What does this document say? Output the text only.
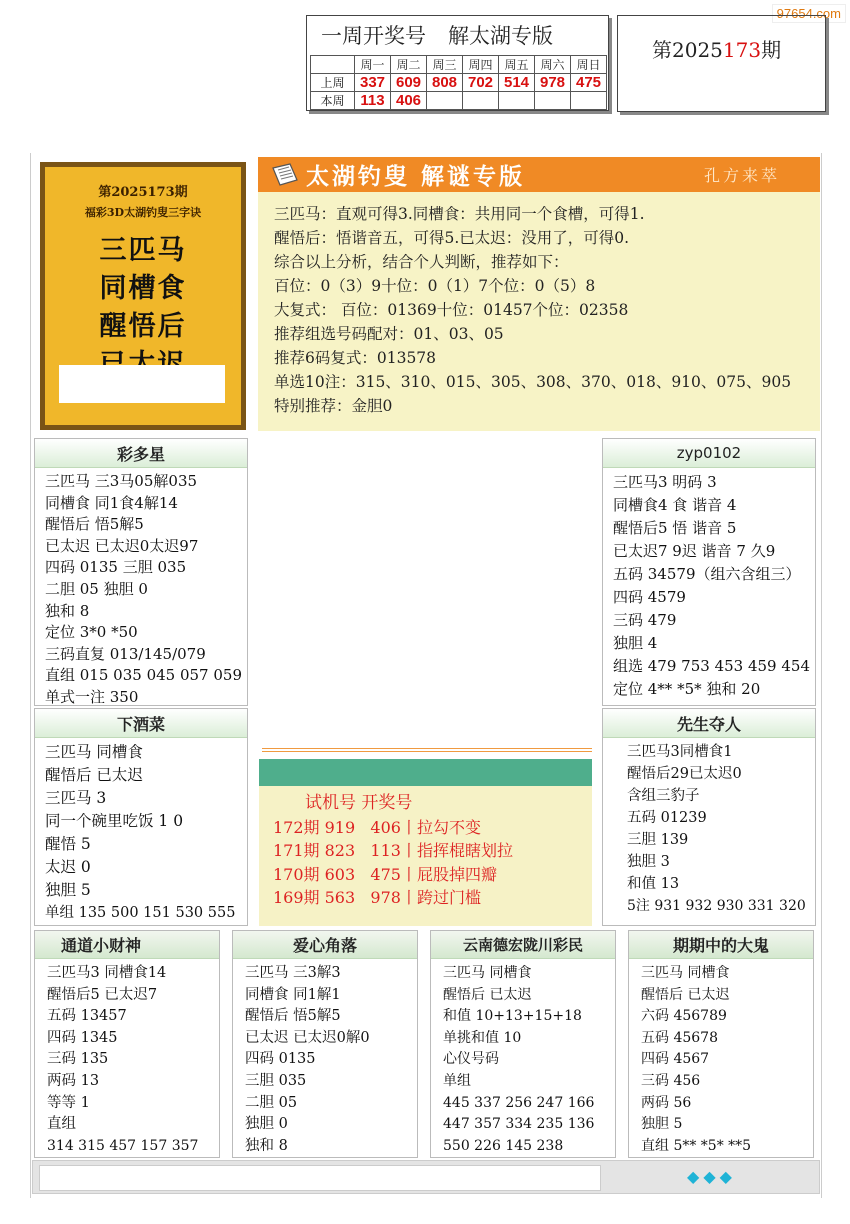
97654.com
一周开奖号 解太湖专版
	周一	周二	周三	周四	周五	周六	周日
上周	337	609	808	702	514	978	475
本周	113	406					
第2025173期
第2025173期
福彩3D太湖钓叟三字诀
三匹马
同槽食
醒悟后
太湖钓叟 解谜专版	孔方来萃
三匹马：直观可得3.同槽食：共用同一个食槽，可得1.
醒悟后：悟谐音五，可得5.已太迟：没用了，可得0.
综合以上分析，结合个人判断，推荐如下：
百位：0（3）9十位：0（1）7个位：0（5）8
大复式： 百位：01369十位：01457个位：02358
推荐组选号码配对：01、03、05
推荐6码复式：013578
单选10注：315、310、015、305、308、370、018、910、075、905
特别推荐：金胆0
彩多星
三匹马 三3马05解035
同槽食 同1食4解14
醒悟后 悟5解5
已太迟 已太迟0太迟97
四码 0135 三胆 035
二胆 05 独胆 0
独和 8
定位 3*0 *50
三码直复 013/145/079
直组 015 035 045 057 059
单式一注 350
zyp0102
三匹马3 明码 3
同槽食4 食 谐音 4
醒悟后5 悟 谐音 5
已太迟7 9迟 谐音 7 久9
五码 34579（组六含组三）
四码 4579
三码 479
独胆 4
组选 479 753 453 459 454
定位 4** *5* 独和 20
下酒菜
三匹马 同槽食
醒悟后 已太迟
三匹马 3
同一个碗里吃饭 1 0
醒悟 5
太迟 0
独胆 5
单组 135 500 151 530 555
先生夺人
三匹马3同槽食1
醒悟后29已太迟0
含组三豹子
五码 01239
三胆 139
独胆 3
和值 13
5注 931 932 930 331 320
试机号 开奖号
172期 919   406丨拉勾不变
171期 823   113丨指挥棍瞎划拉
170期 603   475丨屁股掉四瓣
169期 563   978丨跨过门槛
通道小财神
三匹马3 同槽食14
醒悟后5 已太迟7
五码 13457
四码 1345
三码 135
两码 13
等等 1
直组
314 315 457 157 357
爱心角落
三匹马 三3解3
同槽食 同1解1
醒悟后 悟5解5
已太迟 已太迟0解0
四码 0135
三胆 035
二胆 05
独胆 0
独和 8
云南德宏陇川彩民
三匹马 同槽食
醒悟后 已太迟
和值 10+13+15+18
单挑和值 10
心仪号码
单组
445 337 256 247 166
447 357 334 235 136
550 226 145 238
期期中的大鬼
三匹马 同槽食
醒悟后 已太迟
六码 456789
五码 45678
四码 4567
三码 456
两码 56
独胆 5
直组 5** *5* **5
◆ ◆ ◆
